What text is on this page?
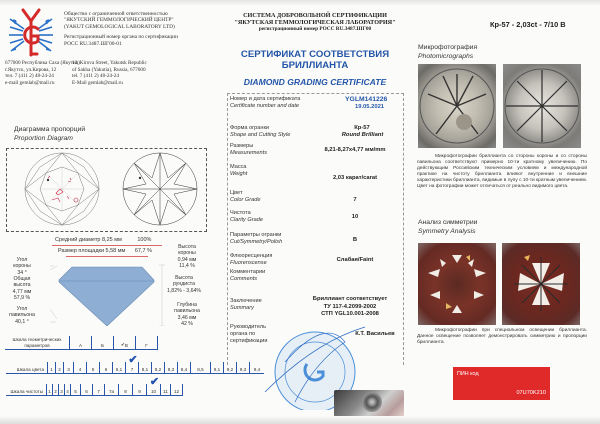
Общество с ограниченной ответственностью
"ЯКУТСКИЙ ГЕММОЛОГИЧЕСКИЙ ЦЕНТР"
(YAKUT GEMOLOGICAL LABORATORY LTD)
Регистрационный номер органа по сертификации
РОСС RU.3487.ШГ00-01
677000 Республика Саха (Якутия)
г.Якутск, ул.Кирова, 12
тел. 7 (411 2) 48-24-24
e-mail gemlab@mail.ru
12, Kirova Street, Yakutsk Republic
of Sakha (Yakutia), Russia, 677000
tel. 7 (411 2) 48-24-24
E-Mail gemlab@mail.ru
Диаграмма пропорций
Proportion Diagram
Средний диаметр 8,25 мм	100%
Размер площадки 5,58 мм 67,7 %
Угол
короны
34 °
Общая
высота
4,77 мм
57,9 %
Угол
павильона
40,1 °
Высота
короны
0,94 мм
11,4 %
Высота
рундиста
1,82% - 3,64%
Глубина
павильона
3,46 мм
42 %
Шкала геометрических
параметров	А	Б	✔ В	Г
Шкала цвета	1 2 3 4 5 6 6,1
✔
7 8,1 8,2 8,3 8,4 8,5 9,1 9,2 9,3 9,4
Шкала чистоты	1 2 3 4 5 6 7 7а 8 9
✔
10 11 12
СИСТЕМА ДОБРОВОЛЬНОЙ СЕРТИФИКАЦИИ
"ЯКУТСКАЯ ГЕММОЛОГИЧЕСКАЯ ЛАБОРАТОРИЯ"
регистрационный номер РОСС RU.3487.ШГ00
СЕРТИФИКАТ СООТВЕТСТВИЯ
БРИЛЛИАНТА
DIAMOND GRADING CERTIFICATE
Номер и дата сертификата
Certificate number and date
YGLM141226
19.05.2021
Форма огранки
Shape and Cutting Style
Кр-57
Round Brilliant
Размеры
Measurements	8,21-8,27x4,77 мм/mm
Масса
Weight
2,03 карат/carat
Цвет
Color Grade	7
Чистота
Clarity Grade	10
Параметры огранки
Cut/Symmetry/Polish	В
Флюоресценция
Fluorenscense	Слабая/Faint
Комментарии
Comments
Заключение
Summary
Бриллиант соответствует
ТУ 117-4.2099-2002
СТП YGL10.001-2008
Руководитель
органа по
сертификации
К.Т. Васильев
Кр-57 - 2,03ct - 7/10 В
Микрофотография
Photomicrographs
Микрофотографии бриллианта со стороны короны и со стороны павильона соответствуют примерно 10-ти кратному увеличению. По действующим Российским техническим условиям и международной практике на чистоту бриллианта влияют внутренние и внешние характеристики бриллианта, видимые в лупу с 10-ти кратным увеличением. Цвет на фотографии может отличаться от реально видимого цвета.
Анализ симметрии
Symmetry Analysis
Микрофотографии при специальном освещении бриллианта. Данное освещение позволяет демонстрировать симметрию и пропорции бриллианта.
ПИН код
07U70K210
